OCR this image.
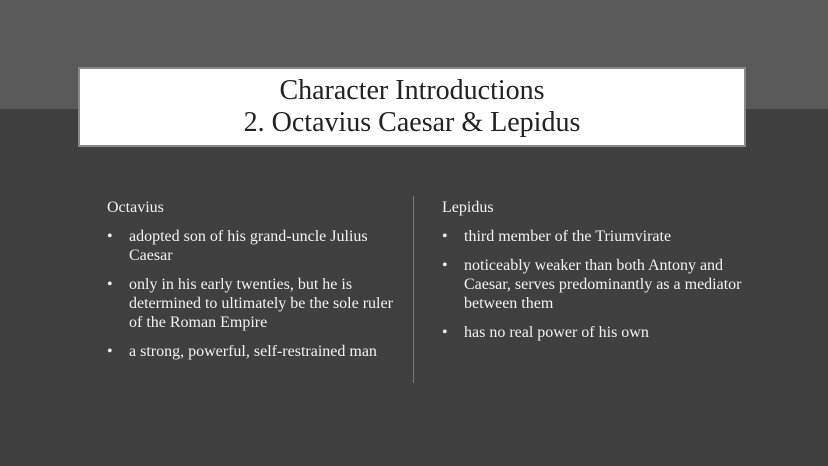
Character Introductions
2. Octavius Caesar & Lepidus
Octavius
• adopted son of his grand-uncle Julius Caesar
• only in his early twenties, but he is determined to ultimately be the sole ruler of the Roman Empire
• a strong, powerful, self-restrained man
Lepidus
• third member of the Triumvirate
• noticeably weaker than both Antony and Caesar, serves predominantly as a mediator between them
• has no real power of his own
